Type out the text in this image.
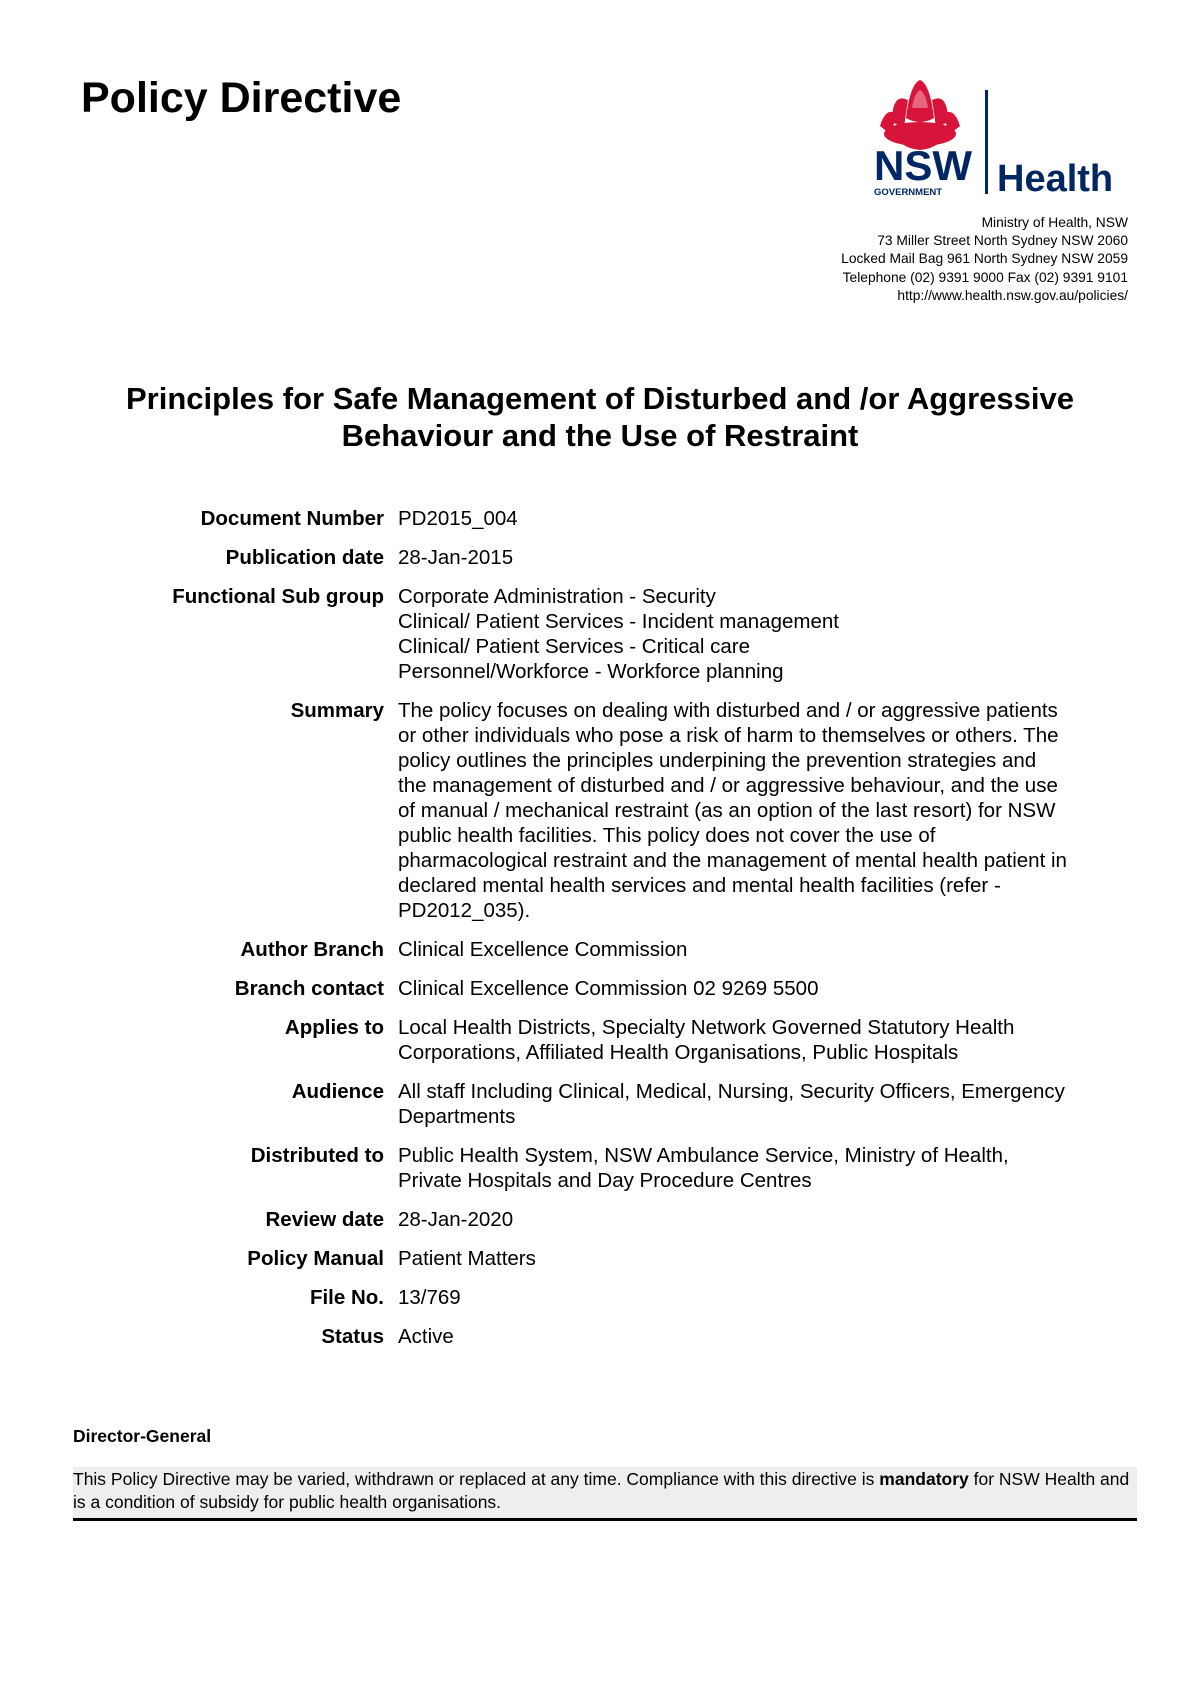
Policy Directive
NSW
GOVERNMENT Health
Ministry of Health, NSW
73 Miller Street North Sydney NSW 2060
Locked Mail Bag 961 North Sydney NSW 2059
Telephone (02) 9391 9000 Fax (02) 9391 9101
http://www.health.nsw.gov.au/policies/
Principles for Safe Management of Disturbed and /or Aggressive
Behaviour and the Use of Restraint
Document Number PD2015_004
Publication date 28-Jan-2015
Functional Sub group Corporate Administration - Security
Clinical/ Patient Services - Incident management
Clinical/ Patient Services - Critical care
Personnel/Workforce - Workforce planning
Summary The policy focuses on dealing with disturbed and / or aggressive patients
or other individuals who pose a risk of harm to themselves or others. The
policy outlines the principles underpining the prevention strategies and
the management of disturbed and / or aggressive behaviour, and the use
of manual / mechanical restraint (as an option of the last resort) for NSW
public health facilities. This policy does not cover the use of
pharmacological restraint and the management of mental health patient in
declared mental health services and mental health facilities (refer -
PD2012_035).
Author Branch Clinical Excellence Commission
Branch contact Clinical Excellence Commission 02 9269 5500
Applies to Local Health Districts, Specialty Network Governed Statutory Health
Corporations, Affiliated Health Organisations, Public Hospitals
Audience All staff Including Clinical, Medical, Nursing, Security Officers, Emergency
Departments
Distributed to Public Health System, NSW Ambulance Service, Ministry of Health,
Private Hospitals and Day Procedure Centres
Review date 28-Jan-2020
Policy Manual Patient Matters
File No. 13/769
Status Active
Director-General
This Policy Directive may be varied, withdrawn or replaced at any time. Compliance with this directive is mandatory for NSW Health and is a condition of subsidy for public health organisations.
